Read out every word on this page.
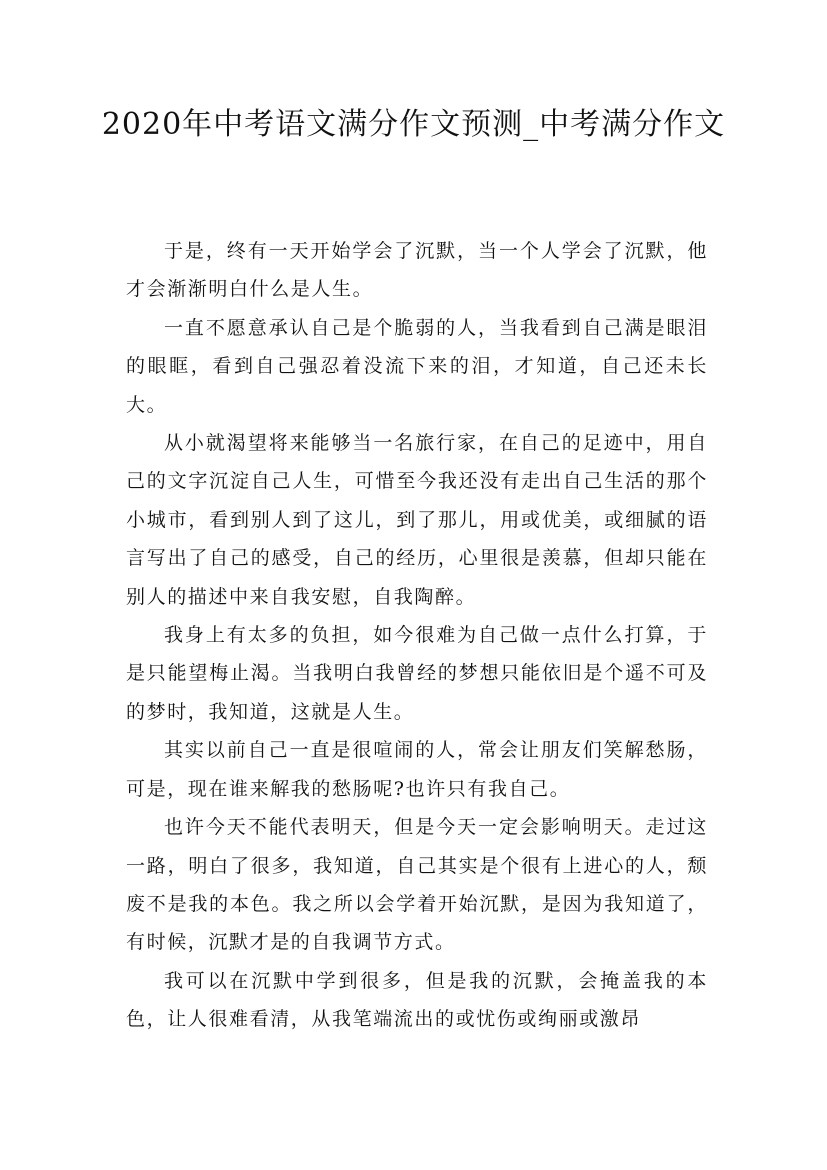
2020年中考语文满分作文预测_中考满分作文

于是，终有一天开始学会了沉默，当一个人学会了沉默，他才会渐渐明白什么是人生。

一直不愿意承认自己是个脆弱的人，当我看到自己满是眼泪的眼眶，看到自己强忍着没流下来的泪，才知道，自己还未长大。

从小就渴望将来能够当一名旅行家，在自己的足迹中，用自己的文字沉淀自己人生，可惜至今我还没有走出自己生活的那个小城市，看到别人到了这儿，到了那儿，用或优美，或细腻的语言写出了自己的感受，自己的经历，心里很是羡慕，但却只能在别人的描述中来自我安慰，自我陶醉。

我身上有太多的负担，如今很难为自己做一点什么打算，于是只能望梅止渴。当我明白我曾经的梦想只能依旧是个遥不可及的梦时，我知道，这就是人生。

其实以前自己一直是很喧闹的人，常会让朋友们笑解愁肠，可是，现在谁来解我的愁肠呢?也许只有我自己。

也许今天不能代表明天，但是今天一定会影响明天。走过这一路，明白了很多，我知道，自己其实是个很有上进心的人，颓废不是我的本色。我之所以会学着开始沉默，是因为我知道了，有时候，沉默才是的自我调节方式。

我可以在沉默中学到很多，但是我的沉默，会掩盖我的本色，让人很难看清，从我笔端流出的或忧伤或绚丽或激昂
